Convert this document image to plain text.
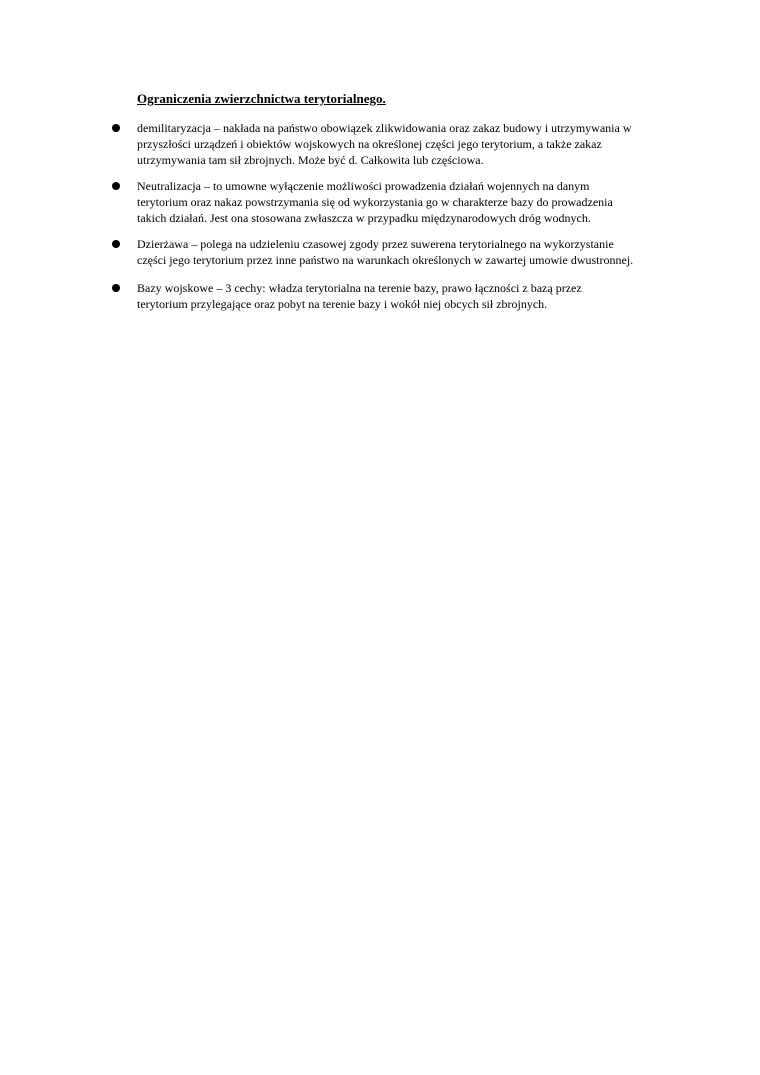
Ograniczenia zwierzchnictwa terytorialnego.
demilitaryzacja – nakłada na państwo obowiązek zlikwidowania oraz zakaz budowy i utrzymywania w
przyszłości urządzeń i obiektów wojskowych na określonej części jego terytorium, a także zakaz
utrzymywania tam sił zbrojnych. Może być d. Całkowita lub częściowa.
Neutralizacja – to umowne wyłączenie możliwości prowadzenia działań wojennych na danym
terytorium oraz nakaz powstrzymania się od wykorzystania go w charakterze bazy do prowadzenia
takich działań. Jest ona stosowana zwłaszcza w przypadku międzynarodowych dróg wodnych.
Dzierżawa – polega na udzieleniu czasowej zgody przez suwerena terytorialnego na wykorzystanie
części jego terytorium przez inne państwo na warunkach określonych w zawartej umowie dwustronnej.
Bazy wojskowe – 3 cechy: władza terytorialna na terenie bazy, prawo łączności z bazą przez
terytorium przylegające oraz pobyt na terenie bazy i wokół niej obcych sił zbrojnych.
